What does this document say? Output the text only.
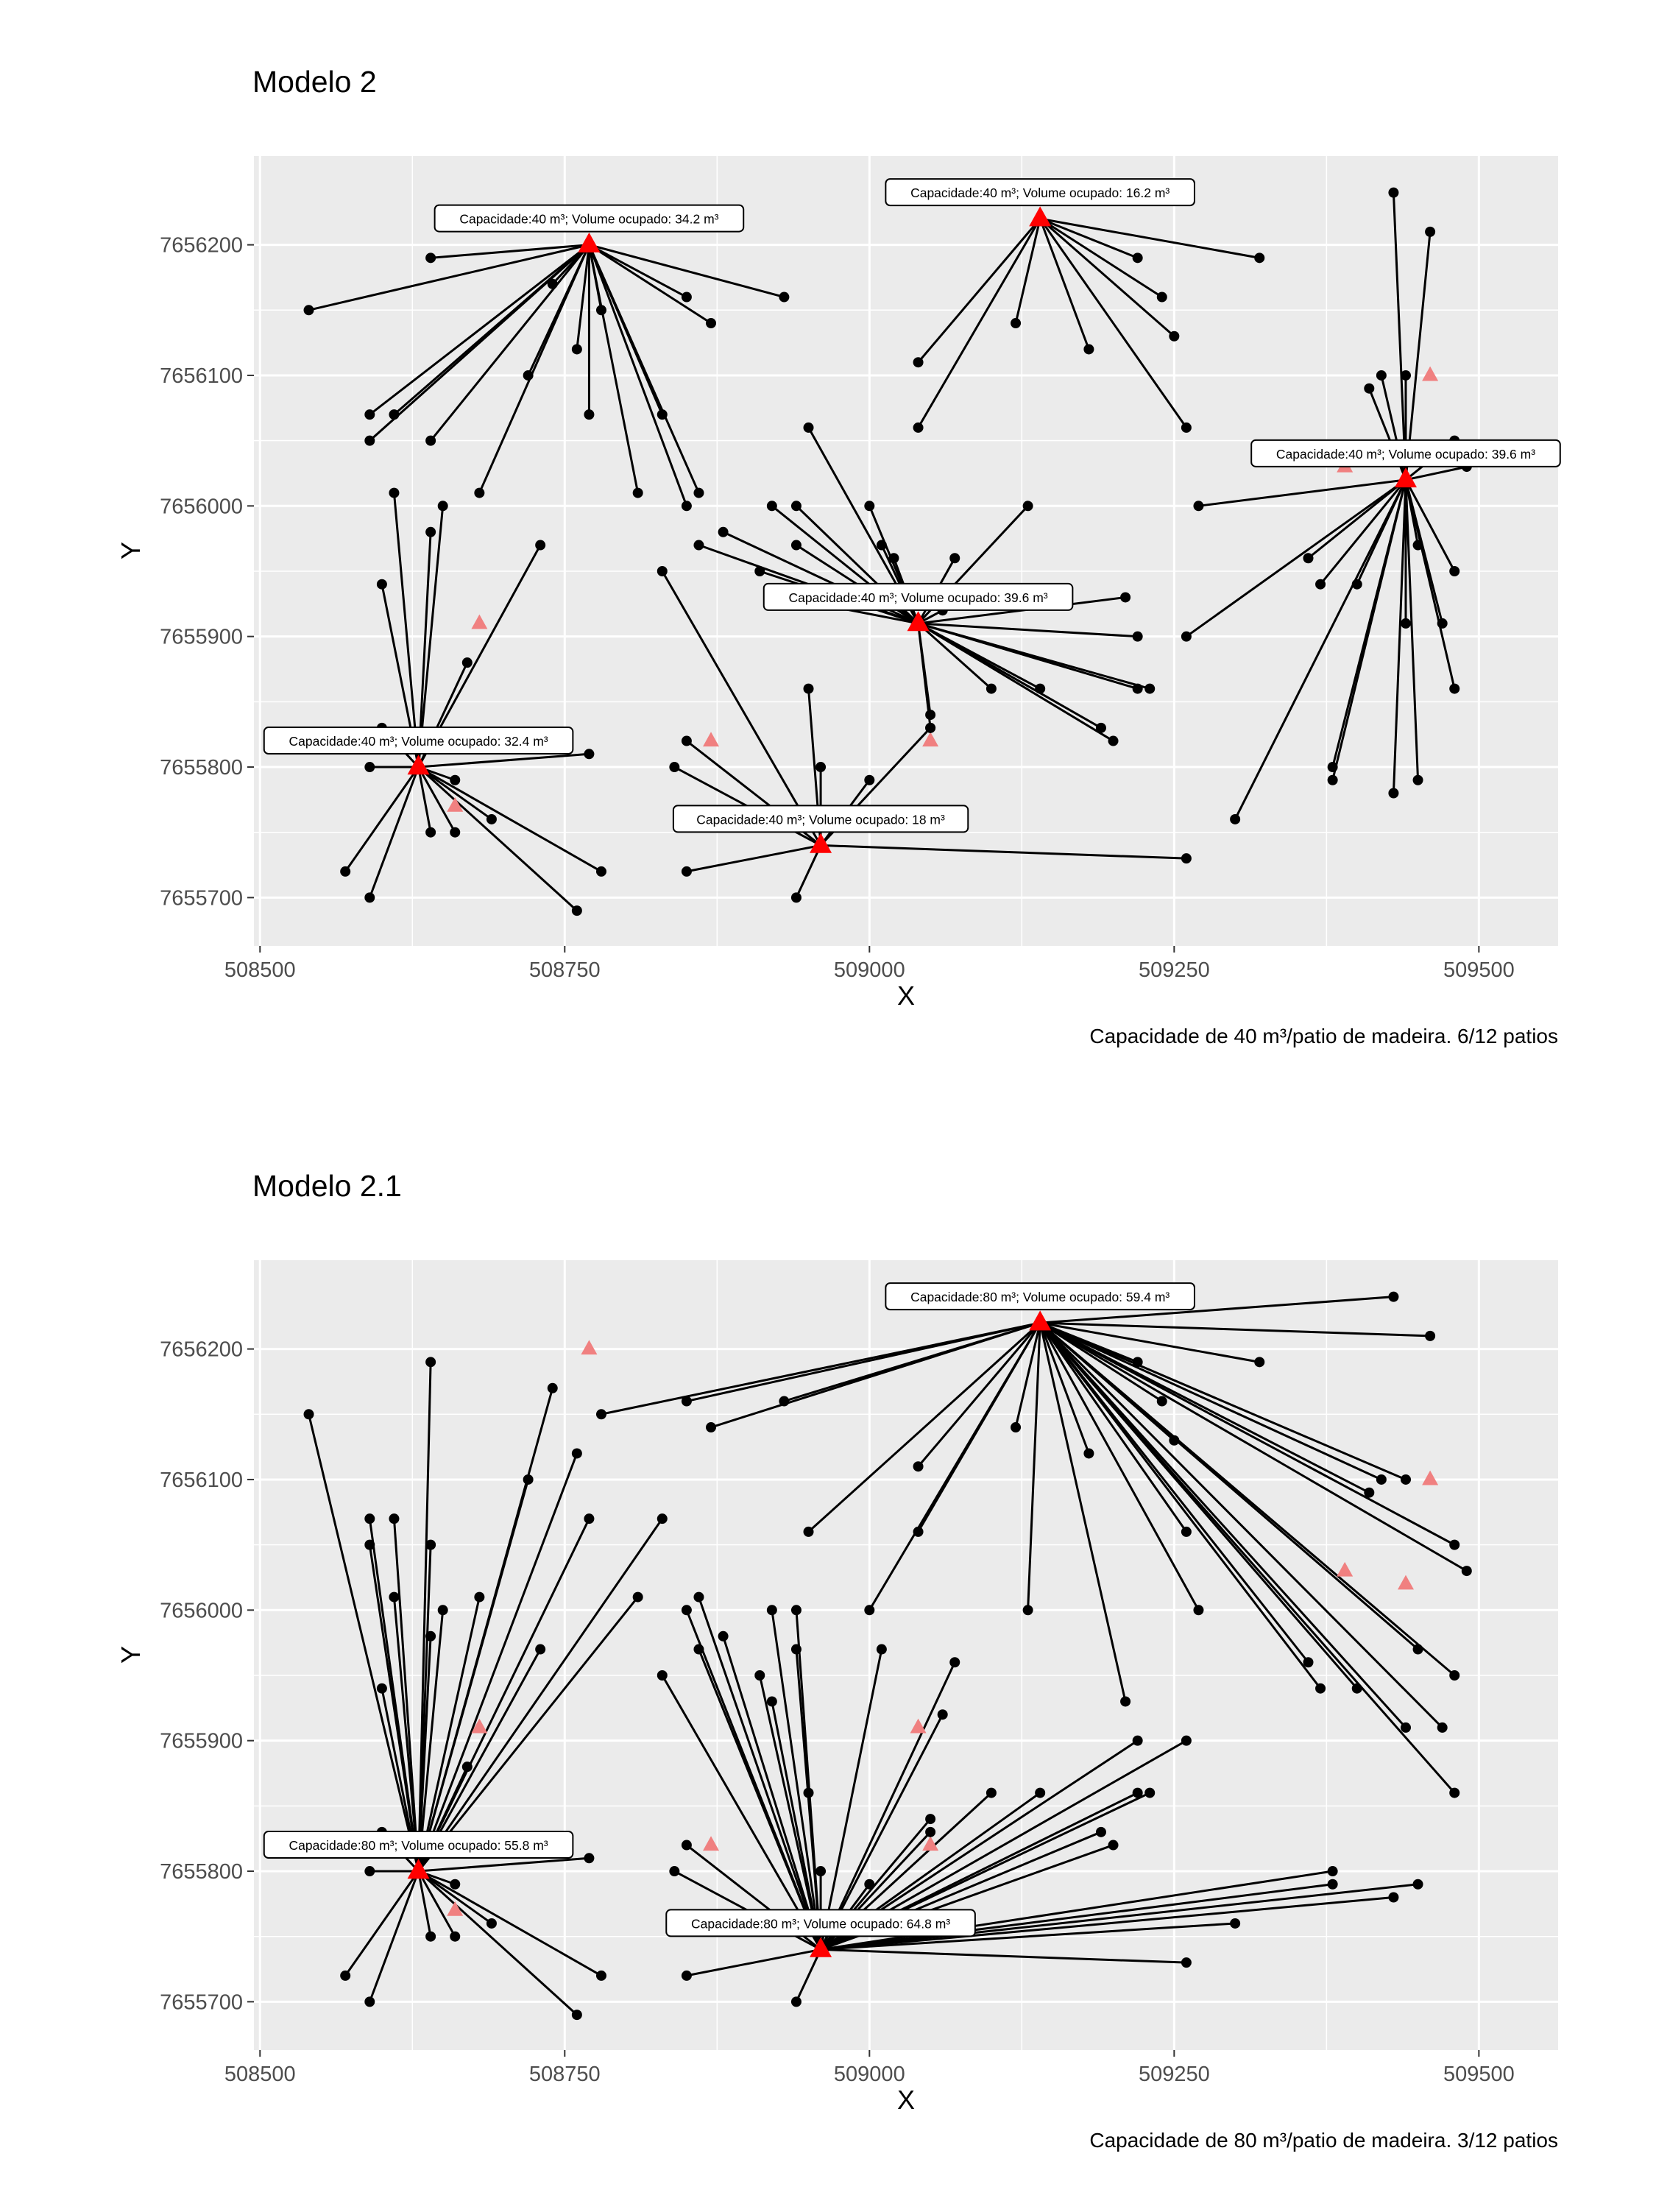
Modelo 2
508500	508750	509000	509250	509500
7655700
7655800
7655900
7656000
7656100
7656200
Capacidade:40 m³; Volume ocupado: 34.2 m³
Capacidade:40 m³; Volume ocupado: 16.2 m³
Capacidade:40 m³; Volume ocupado: 39.6 m³
Capacidade:40 m³; Volume ocupado: 39.6 m³
Capacidade:40 m³; Volume ocupado: 32.4 m³
Capacidade:40 m³; Volume ocupado: 18 m³
X
Y
Capacidade de 40 m³/patio de madeira. 6/12 patios
Modelo 2.1
508500	508750	509000	509250	509500
7655700
7655800
7655900
7656000
7656100
7656200
Capacidade:80 m³; Volume ocupado: 59.4 m³
Capacidade:80 m³; Volume ocupado: 55.8 m³
Capacidade:80 m³; Volume ocupado: 64.8 m³
X
Y
Capacidade de 80 m³/patio de madeira. 3/12 patios
